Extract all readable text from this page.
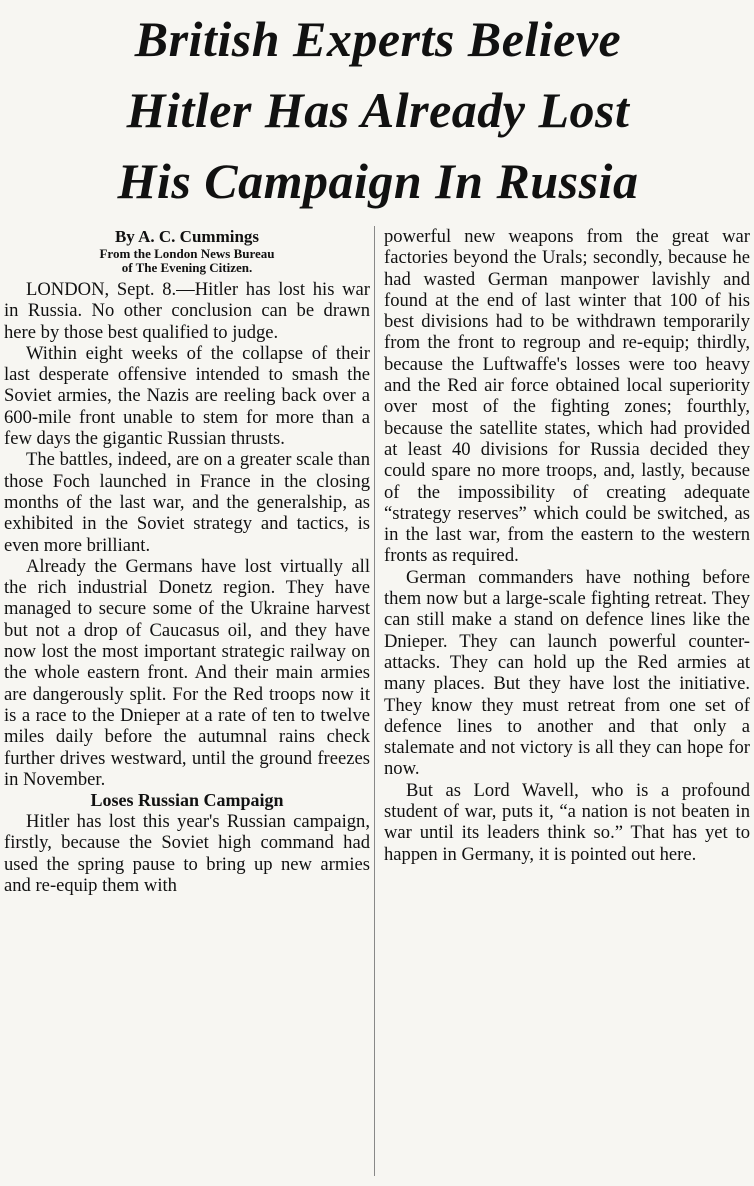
British Experts Believe
Hitler Has Already Lost
His Campaign In Russia

By A. C. Cummings

From the London News Bureau
of The Evening Citizen.

LONDON, Sept. 8.—Hitler has lost his war in Russia. No other conclusion can be drawn here by those best qualified to judge.

Within eight weeks of the collapse of their last desperate offensive intended to smash the Soviet armies, the Nazis are reeling back over a 600-mile front unable to stem for more than a few days the gigantic Russian thrusts.

The battles, indeed, are on a greater scale than those Foch launched in France in the closing months of the last war, and the generalship, as exhibited in the Soviet strategy and tactics, is even more brilliant.

Already the Germans have lost virtually all the rich industrial Donetz region. They have managed to secure some of the Ukraine harvest but not a drop of Caucasus oil, and they have now lost the most important strategic railway on the whole eastern front. And their main armies are dangerously split. For the Red troops now it is a race to the Dnieper at a rate of ten to twelve miles daily before the autumnal rains check further drives westward, until the ground freezes in November.

Loses Russian Campaign

Hitler has lost this year's Russian campaign, firstly, because the Soviet high command had used the spring pause to bring up new armies and re-equip them with

powerful new weapons from the great war factories beyond the Urals; secondly, because he had wasted German manpower lavishly and found at the end of last winter that 100 of his best divisions had to be withdrawn temporarily from the front to regroup and re-equip; thirdly, because the Luftwaffe's losses were too heavy and the Red air force obtained local superiority over most of the fighting zones; fourthly, because the satellite states, which had provided at least 40 divisions for Russia decided they could spare no more troops, and, lastly, because of the impossibility of creating adequate “strategy reserves” which could be switched, as in the last war, from the eastern to the western fronts as required.

German commanders have nothing before them now but a large-scale fighting retreat. They can still make a stand on defence lines like the Dnieper. They can launch powerful counter-attacks. They can hold up the Red armies at many places. But they have lost the initiative. They know they must retreat from one set of defence lines to another and that only a stalemate and not victory is all they can hope for now.

But as Lord Wavell, who is a profound student of war, puts it, “a nation is not beaten in war until its leaders think so.” That has yet to happen in Germany, it is pointed out here.
